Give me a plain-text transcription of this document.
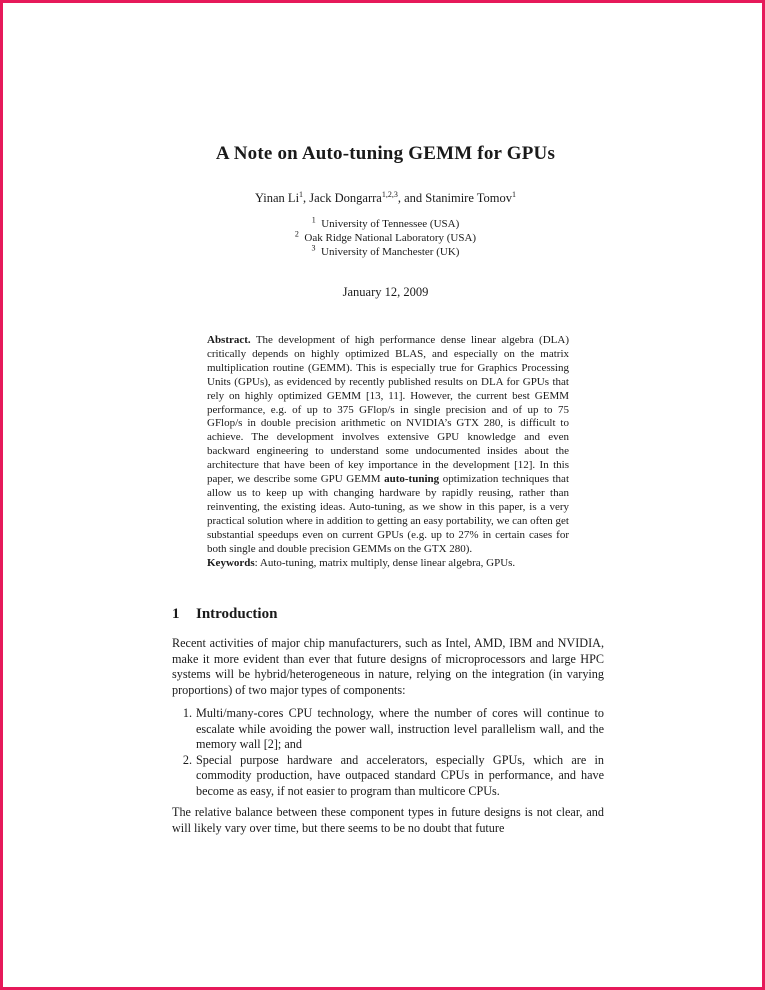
A Note on Auto-tuning GEMM for GPUs
Yinan Li$^1$, Jack Dongarra$^{1,2,3}$, and Stanimire Tomov$^1$
$^1$ University of Tennessee (USA)
$^2$ Oak Ridge National Laboratory (USA)
$^3$ University of Manchester (UK)
January 12, 2009
Abstract. The development of high performance dense linear algebra (DLA) critically depends on highly optimized BLAS, and especially on the matrix multiplication routine (GEMM). This is especially true for Graphics Processing Units (GPUs), as evidenced by recently published results on DLA for GPUs that rely on highly optimized GEMM [13, 11]. However, the current best GEMM performance, e.g. of up to 375 GFlop/s in single precision and of up to 75 GFlop/s in double precision arithmetic on NVIDIA’s GTX 280, is difficult to achieve. The development involves extensive GPU knowledge and even backward engineering to understand some undocumented insides about the architecture that have been of key importance in the development [12]. In this paper, we describe some GPU GEMM auto-tuning optimization techniques that allow us to keep up with changing hardware by rapidly reusing, rather than reinventing, the existing ideas. Auto-tuning, as we show in this paper, is a very practical solution where in addition to getting an easy portability, we can often get substantial speedups even on current GPUs (e.g. up to 27% in certain cases for both single and double precision GEMMs on the GTX 280).
Keywords: Auto-tuning, matrix multiply, dense linear algebra, GPUs.
1 Introduction
Recent activities of major chip manufacturers, such as Intel, AMD, IBM and NVIDIA, make it more evident than ever that future designs of microprocessors and large HPC systems will be hybrid/heterogeneous in nature, relying on the integration (in varying proportions) of two major types of components:
1. Multi/many-cores CPU technology, where the number of cores will continue to escalate while avoiding the power wall, instruction level parallelism wall, and the memory wall [2]; and
2. Special purpose hardware and accelerators, especially GPUs, which are in commodity production, have outpaced standard CPUs in performance, and have become as easy, if not easier to program than multicore CPUs.
The relative balance between these component types in future designs is not clear, and will likely vary over time, but there seems to be no doubt that future
